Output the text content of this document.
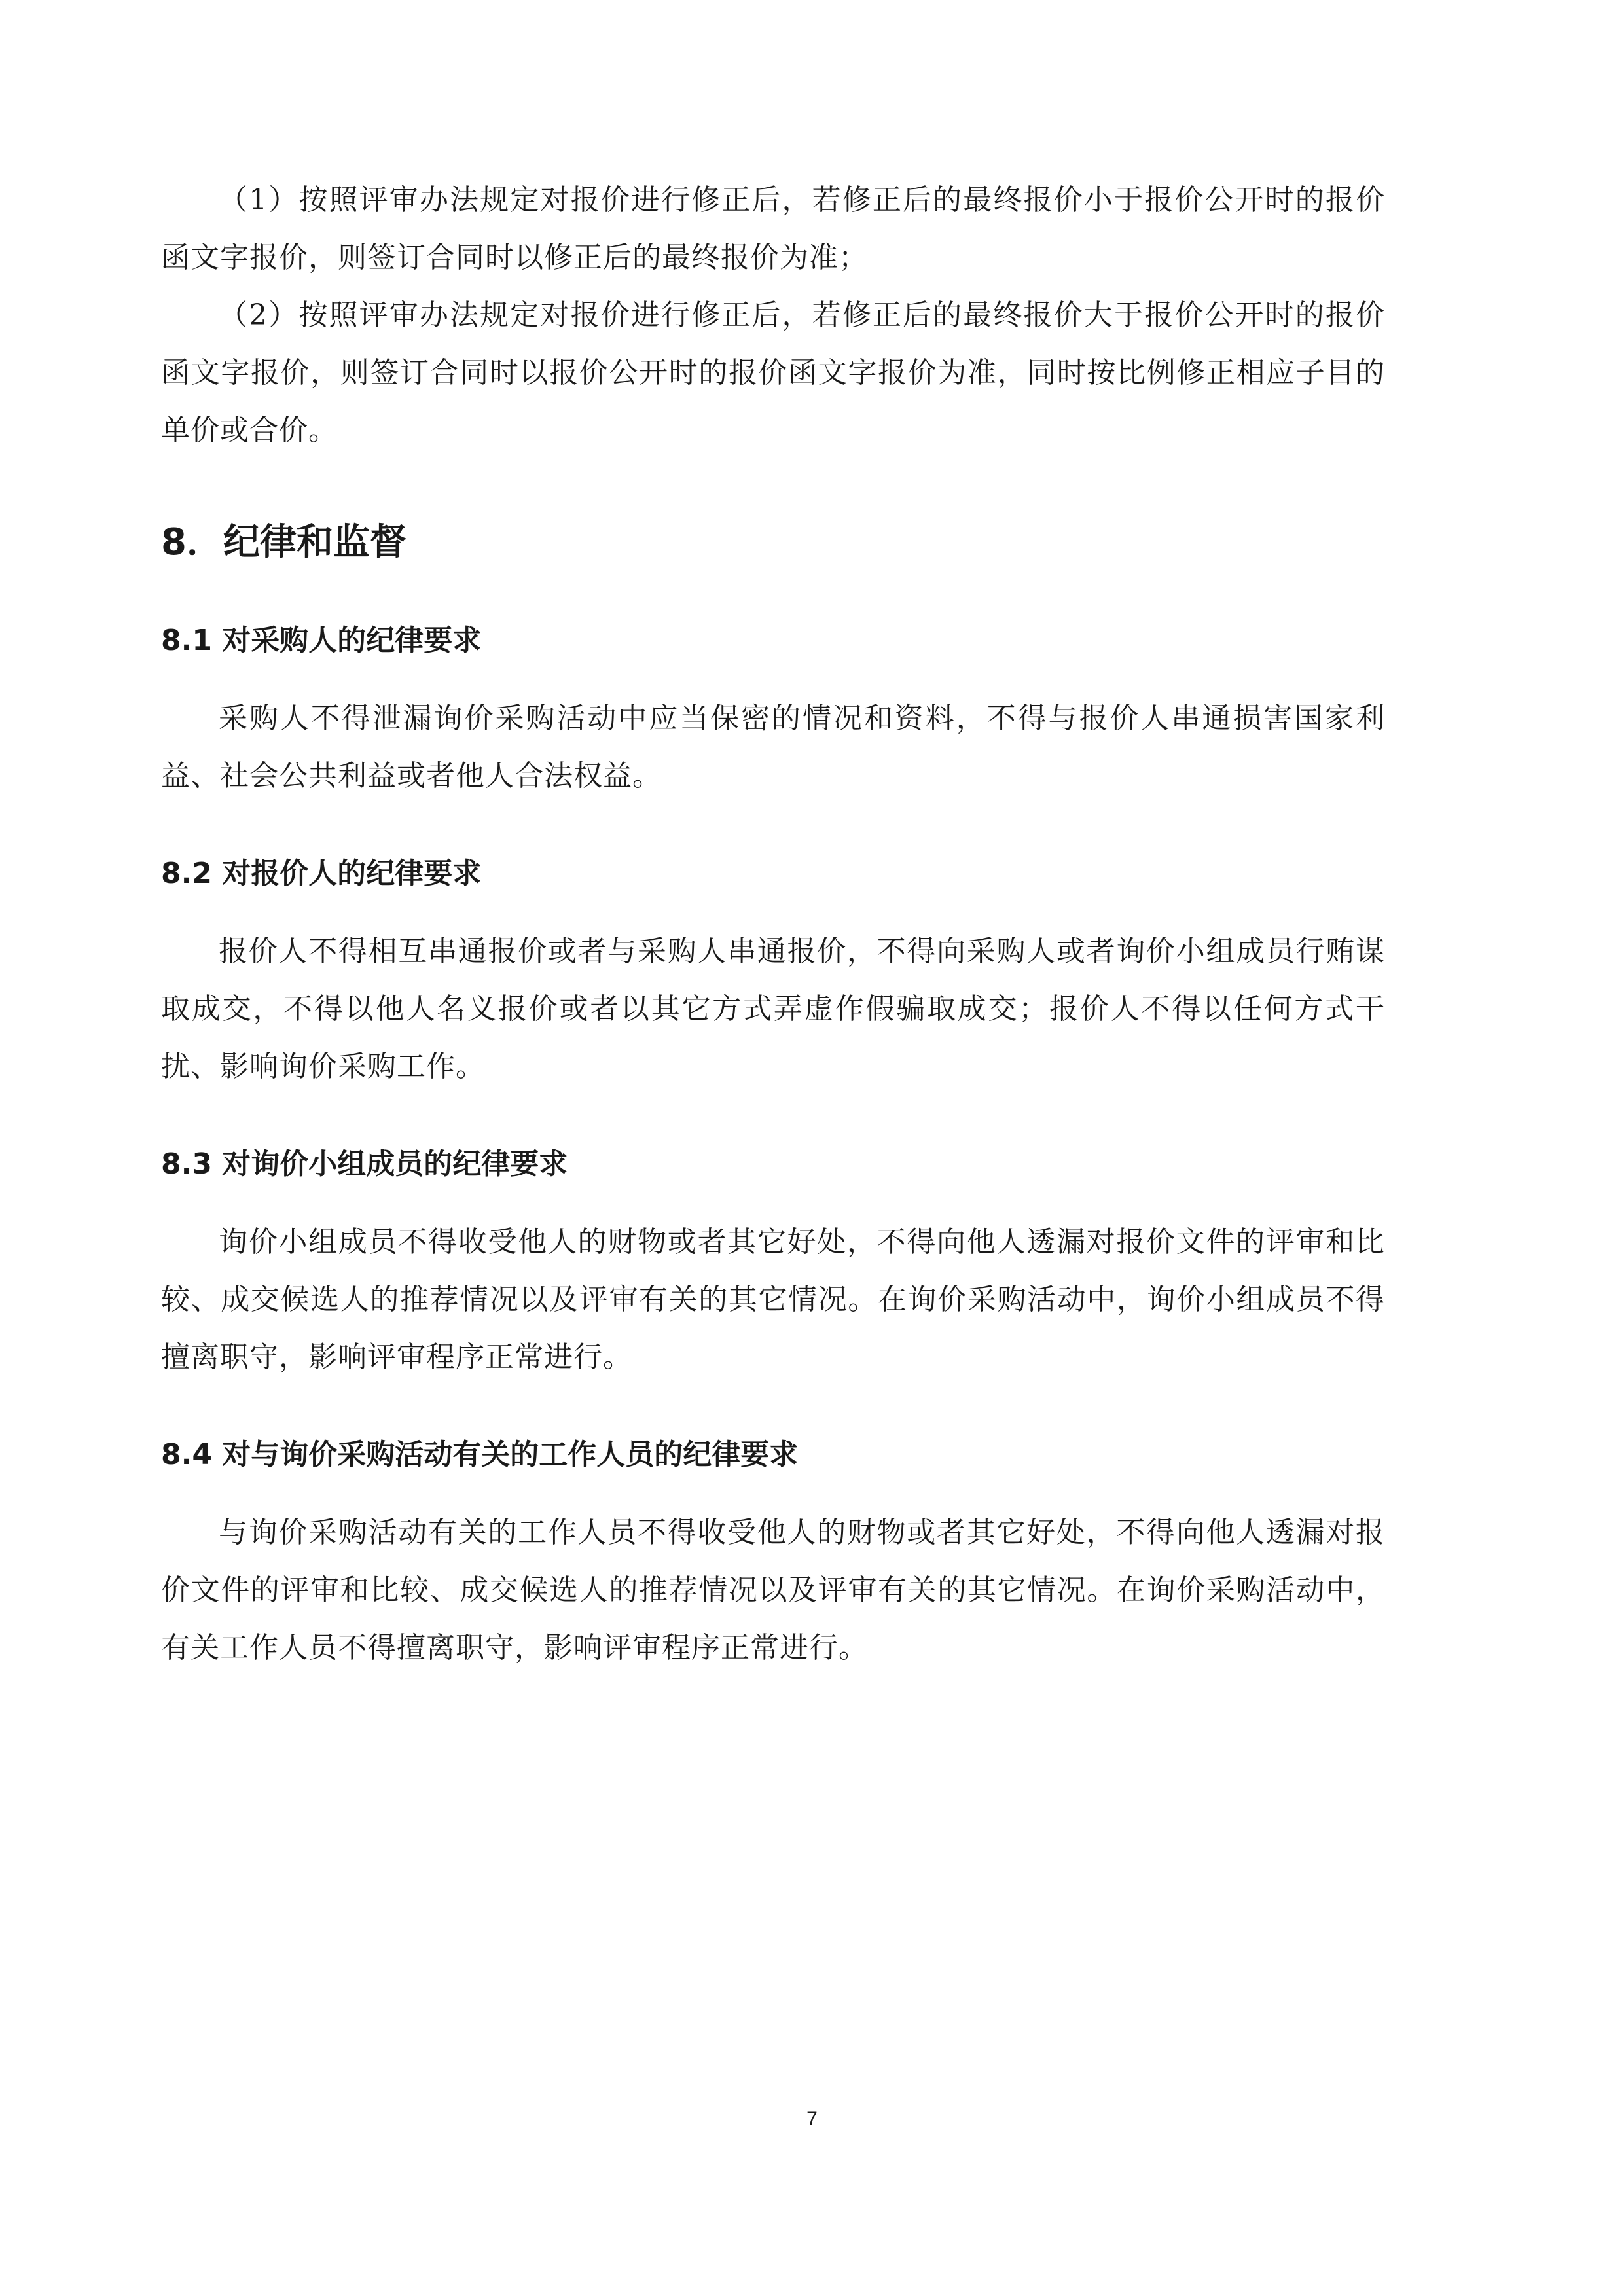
（1）按照评审办法规定对报价进行修正后，若修正后的最终报价小于报价公开时的报价函文字报价，则签订合同时以修正后的最终报价为准；

（2）按照评审办法规定对报价进行修正后，若修正后的最终报价大于报价公开时的报价函文字报价，则签订合同时以报价公开时的报价函文字报价为准，同时按比例修正相应子目的单价或合价。

8．纪律和监督
8.1 对采购人的纪律要求

采购人不得泄漏询价采购活动中应当保密的情况和资料，不得与报价人串通损害国家利益、社会公共利益或者他人合法权益。

8.2 对报价人的纪律要求

报价人不得相互串通报价或者与采购人串通报价，不得向采购人或者询价小组成员行贿谋取成交，不得以他人名义报价或者以其它方式弄虚作假骗取成交；报价人不得以任何方式干扰、影响询价采购工作。

8.3 对询价小组成员的纪律要求

询价小组成员不得收受他人的财物或者其它好处，不得向他人透漏对报价文件的评审和比较、成交候选人的推荐情况以及评审有关的其它情况。在询价采购活动中，询价小组成员不得擅离职守，影响评审程序正常进行。

8.4 对与询价采购活动有关的工作人员的纪律要求

与询价采购活动有关的工作人员不得收受他人的财物或者其它好处，不得向他人透漏对报价文件的评审和比较、成交候选人的推荐情况以及评审有关的其它情况。在询价采购活动中，有关工作人员不得擅离职守，影响评审程序正常进行。

7
